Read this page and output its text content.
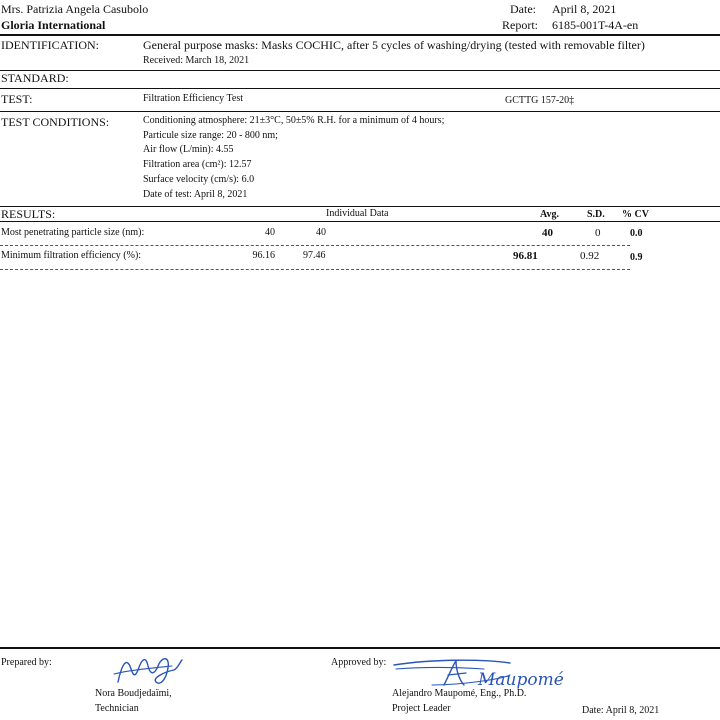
Mrs. Patrizia Angela Casubolo
Gloria International
Date: April 8, 2021
Report: 6185-001T-4A-en
IDENTIFICATION:	General purpose masks: Masks COCHIC, after 5 cycles of washing/drying (tested with removable filter)
Received: March 18, 2021
STANDARD:
TEST:	Filtration Efficiency Test	GCTTG 157-20‡
TEST CONDITIONS:	Conditioning atmosphere: 21±3°C, 50±5% R.H. for a minimum of 4 hours;
Particule size range: 20 - 800 nm;
Air flow (L/min): 4.55
Filtration area (cm²): 12.57
Surface velocity (cm/s): 6.0
Date of test: April 8, 2021
RESULTS:	Individual Data	Avg.	S.D. % CV
Most penetrating particle size (nm):	40	40	40	0	0.0
Minimum filtration efficiency (%):	96.16	97.46	96.81	0.92	0.9
Prepared by:	Approved by:
Maupomé
Nora Boudjedaïmi,
Technician
Alejandro Maupomé, Eng., Ph.D.
Project Leader	Date: April 8, 2021
